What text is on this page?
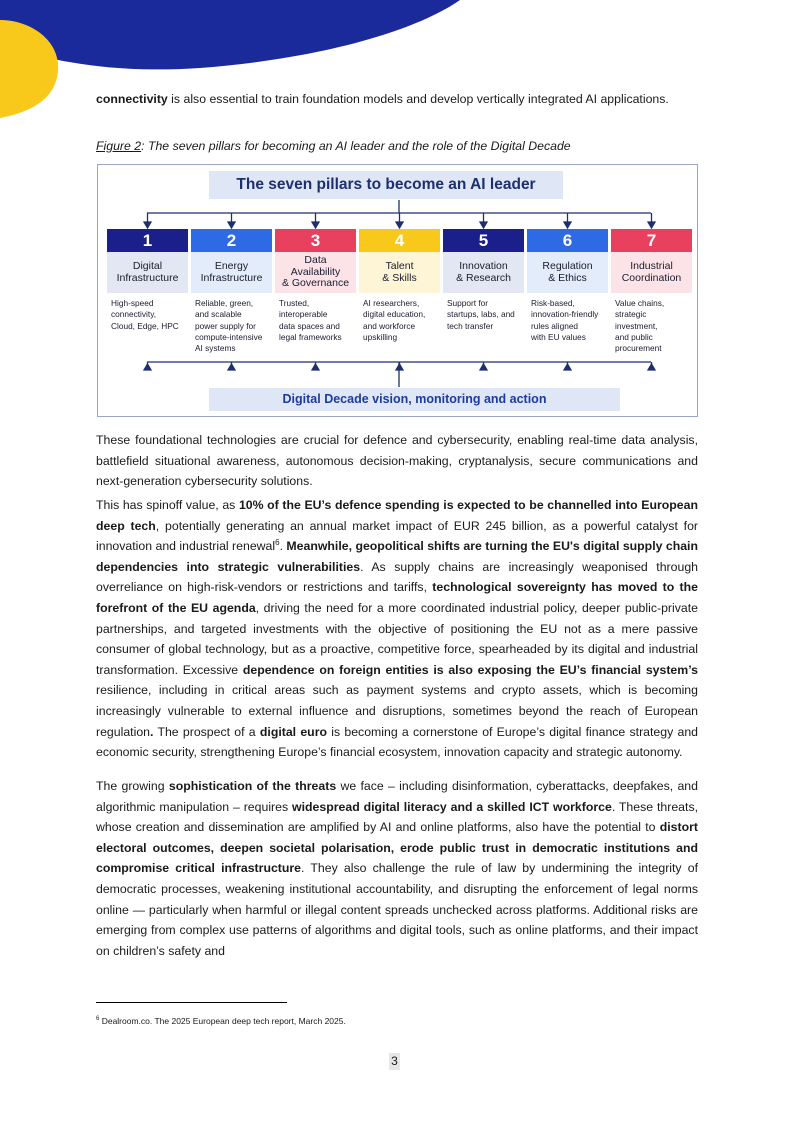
connectivity is also essential to train foundation models and develop vertically integrated AI applications.

Figure 2: The seven pillars for becoming an AI leader and the role of the Digital Decade
The seven pillars to become an AI leader
1
Digital
Infrastructure
High-speed
connectivity,
Cloud, Edge, HPC
2
Energy
Infrastructure
Reliable, green,
and scalable
power supply for
compute-intensive
AI systems
3
Data
Availability
& Governance
Trusted,
interoperable
data spaces and
legal frameworks
4
Talent
& Skills
AI researchers,
digital education,
and workforce
upskilling
5
Innovation
& Research
Support for
startups, labs, and
tech transfer
6
Regulation
& Ethics
Risk-based,
innovation-friendly
rules aligned
with EU values
7
Industrial
Coordination
Value chains,
strategic
investment,
and public
procurement
Digital Decade vision, monitoring and action

These foundational technologies are crucial for defence and cybersecurity, enabling real-time data analysis, battlefield situational awareness, autonomous decision-making, cryptanalysis, secure communications and next-generation cybersecurity solutions.

This has spinoff value, as 10% of the EU’s defence spending is expected to be channelled into European deep tech, potentially generating an annual market impact of EUR 245 billion, as a powerful catalyst for innovation and industrial renewal$^6$. Meanwhile, geopolitical shifts are turning the EU's digital supply chain dependencies into strategic vulnerabilities. As supply chains are increasingly weaponised through overreliance on high-risk-vendors or restrictions and tariffs, technological sovereignty has moved to the forefront of the EU agenda, driving the need for a more coordinated industrial policy, deeper public-private partnerships, and targeted investments with the objective of positioning the EU not as a mere passive consumer of global technology, but as a proactive, competitive force, spearheaded by its digital and industrial transformation. Excessive dependence on foreign entities is also exposing the EU’s financial system’s resilience, including in critical areas such as payment systems and crypto assets, which is becoming increasingly vulnerable to external influence and disruptions, sometimes beyond the reach of European regulation. The prospect of a digital euro is becoming a cornerstone of Europe’s digital finance strategy and economic security, strengthening Europe’s financial ecosystem, innovation capacity and strategic autonomy.

The growing sophistication of the threats we face – including disinformation, cyberattacks, deepfakes, and algorithmic manipulation – requires widespread digital literacy and a skilled ICT workforce. These threats, whose creation and dissemination are amplified by AI and online platforms, also have the potential to distort electoral outcomes, deepen societal polarisation, erode public trust in democratic institutions and compromise critical infrastructure. They also challenge the rule of law by undermining the integrity of democratic processes, weakening institutional accountability, and disrupting the enforcement of legal norms online — particularly when harmful or illegal content spreads unchecked across platforms. Additional risks are emerging from complex use patterns of algorithms and digital tools, such as online platforms, and their impact on children’s safety and

$^6$ Dealroom.co. The 2025 European deep tech report, March 2025.
3
